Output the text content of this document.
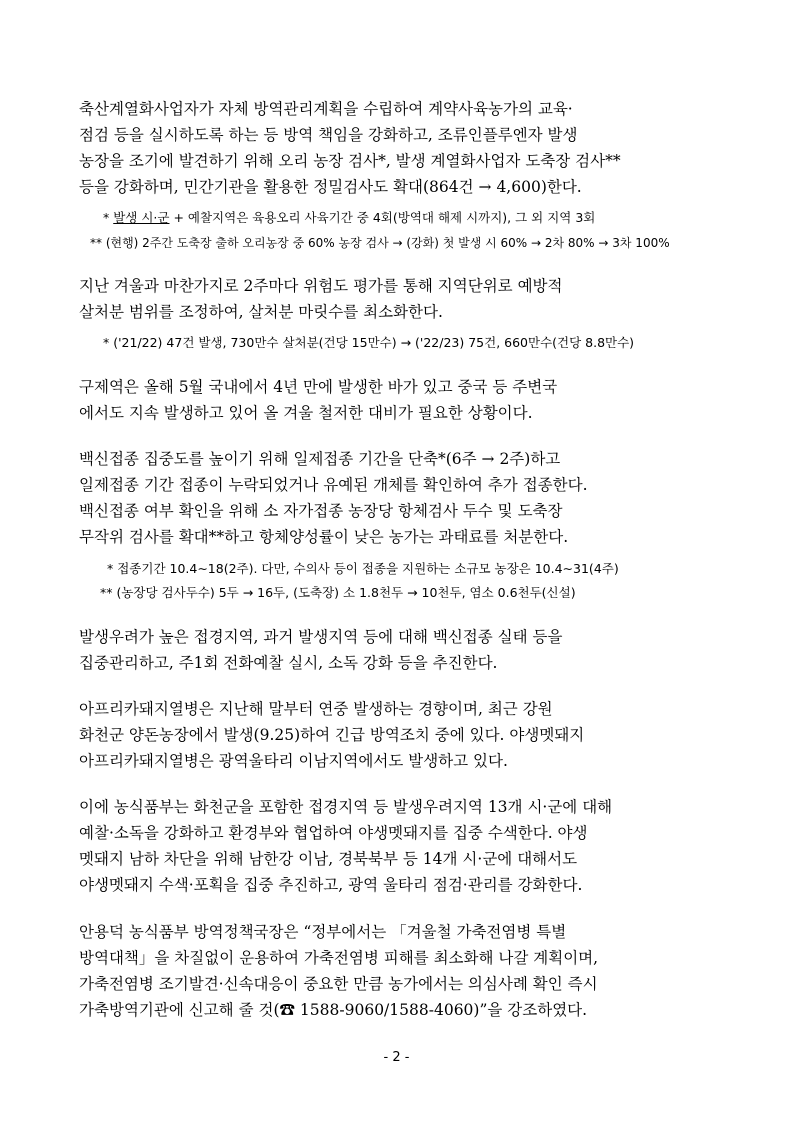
축산계열화사업자가 자체 방역관리계획을 수립하여 계약사육농가의 교육·
점검 등을 실시하도록 하는 등 방역 책임을 강화하고, 조류인플루엔자 발생
농장을 조기에 발견하기 위해 오리 농장 검사*, 발생 계열화사업자 도축장 검사**
등을 강화하며, 민간기관을 활용한 정밀검사도 확대(864건 → 4,600)한다.
* 발생 시·군 + 예찰지역은 육용오리 사육기간 중 4회(방역대 해제 시까지), 그 외 지역 3회
** (현행) 2주간 도축장 출하 오리농장 중 60% 농장 검사 → (강화) 첫 발생 시 60% → 2차 80% → 3차 100%
지난 겨울과 마찬가지로 2주마다 위험도 평가를 통해 지역단위로 예방적
살처분 범위를 조정하여, 살처분 마릿수를 최소화한다.
* ('21/22) 47건 발생, 730만수 살처분(건당 15만수) → ('22/23) 75건, 660만수(건당 8.8만수)
구제역은 올해 5월 국내에서 4년 만에 발생한 바가 있고 중국 등 주변국
에서도 지속 발생하고 있어 올 겨울 철저한 대비가 필요한 상황이다.
백신접종 집중도를 높이기 위해 일제접종 기간을 단축*(6주 → 2주)하고
일제접종 기간 접종이 누락되었거나 유예된 개체를 확인하여 추가 접종한다.
백신접종 여부 확인을 위해 소 자가접종 농장당 항체검사 두수 및 도축장
무작위 검사를 확대**하고 항체양성률이 낮은 농가는 과태료를 처분한다.
* 접종기간 10.4∼18(2주). 다만, 수의사 등이 접종을 지원하는 소규모 농장은 10.4∼31(4주)
** (농장당 검사두수) 5두 → 16두, (도축장) 소 1.8천두 → 10천두, 염소 0.6천두(신설)
발생우려가 높은 접경지역, 과거 발생지역 등에 대해 백신접종 실태 등을
집중관리하고, 주1회 전화예찰 실시, 소독 강화 등을 추진한다.
아프리카돼지열병은 지난해 말부터 연중 발생하는 경향이며, 최근 강원
화천군 양돈농장에서 발생(9.25)하여 긴급 방역조치 중에 있다. 야생멧돼지
아프리카돼지열병은 광역울타리 이남지역에서도 발생하고 있다.
이에 농식품부는 화천군을 포함한 접경지역 등 발생우려지역 13개 시·군에 대해
예찰·소독을 강화하고 환경부와 협업하여 야생멧돼지를 집중 수색한다. 야생
멧돼지 남하 차단을 위해 남한강 이남, 경북북부 등 14개 시·군에 대해서도
야생멧돼지 수색·포획을 집중 추진하고, 광역 울타리 점검·관리를 강화한다.
안용덕 농식품부 방역정책국장은 “정부에서는 「겨울철 가축전염병 특별
방역대책」을 차질없이 운용하여 가축전염병 피해를 최소화해 나갈 계획이며,
가축전염병 조기발견·신속대응이 중요한 만큼 농가에서는 의심사례 확인 즉시
가축방역기관에 신고해 줄 것(☎ 1588-9060/1588-4060)”을 강조하였다.
- 2 -
